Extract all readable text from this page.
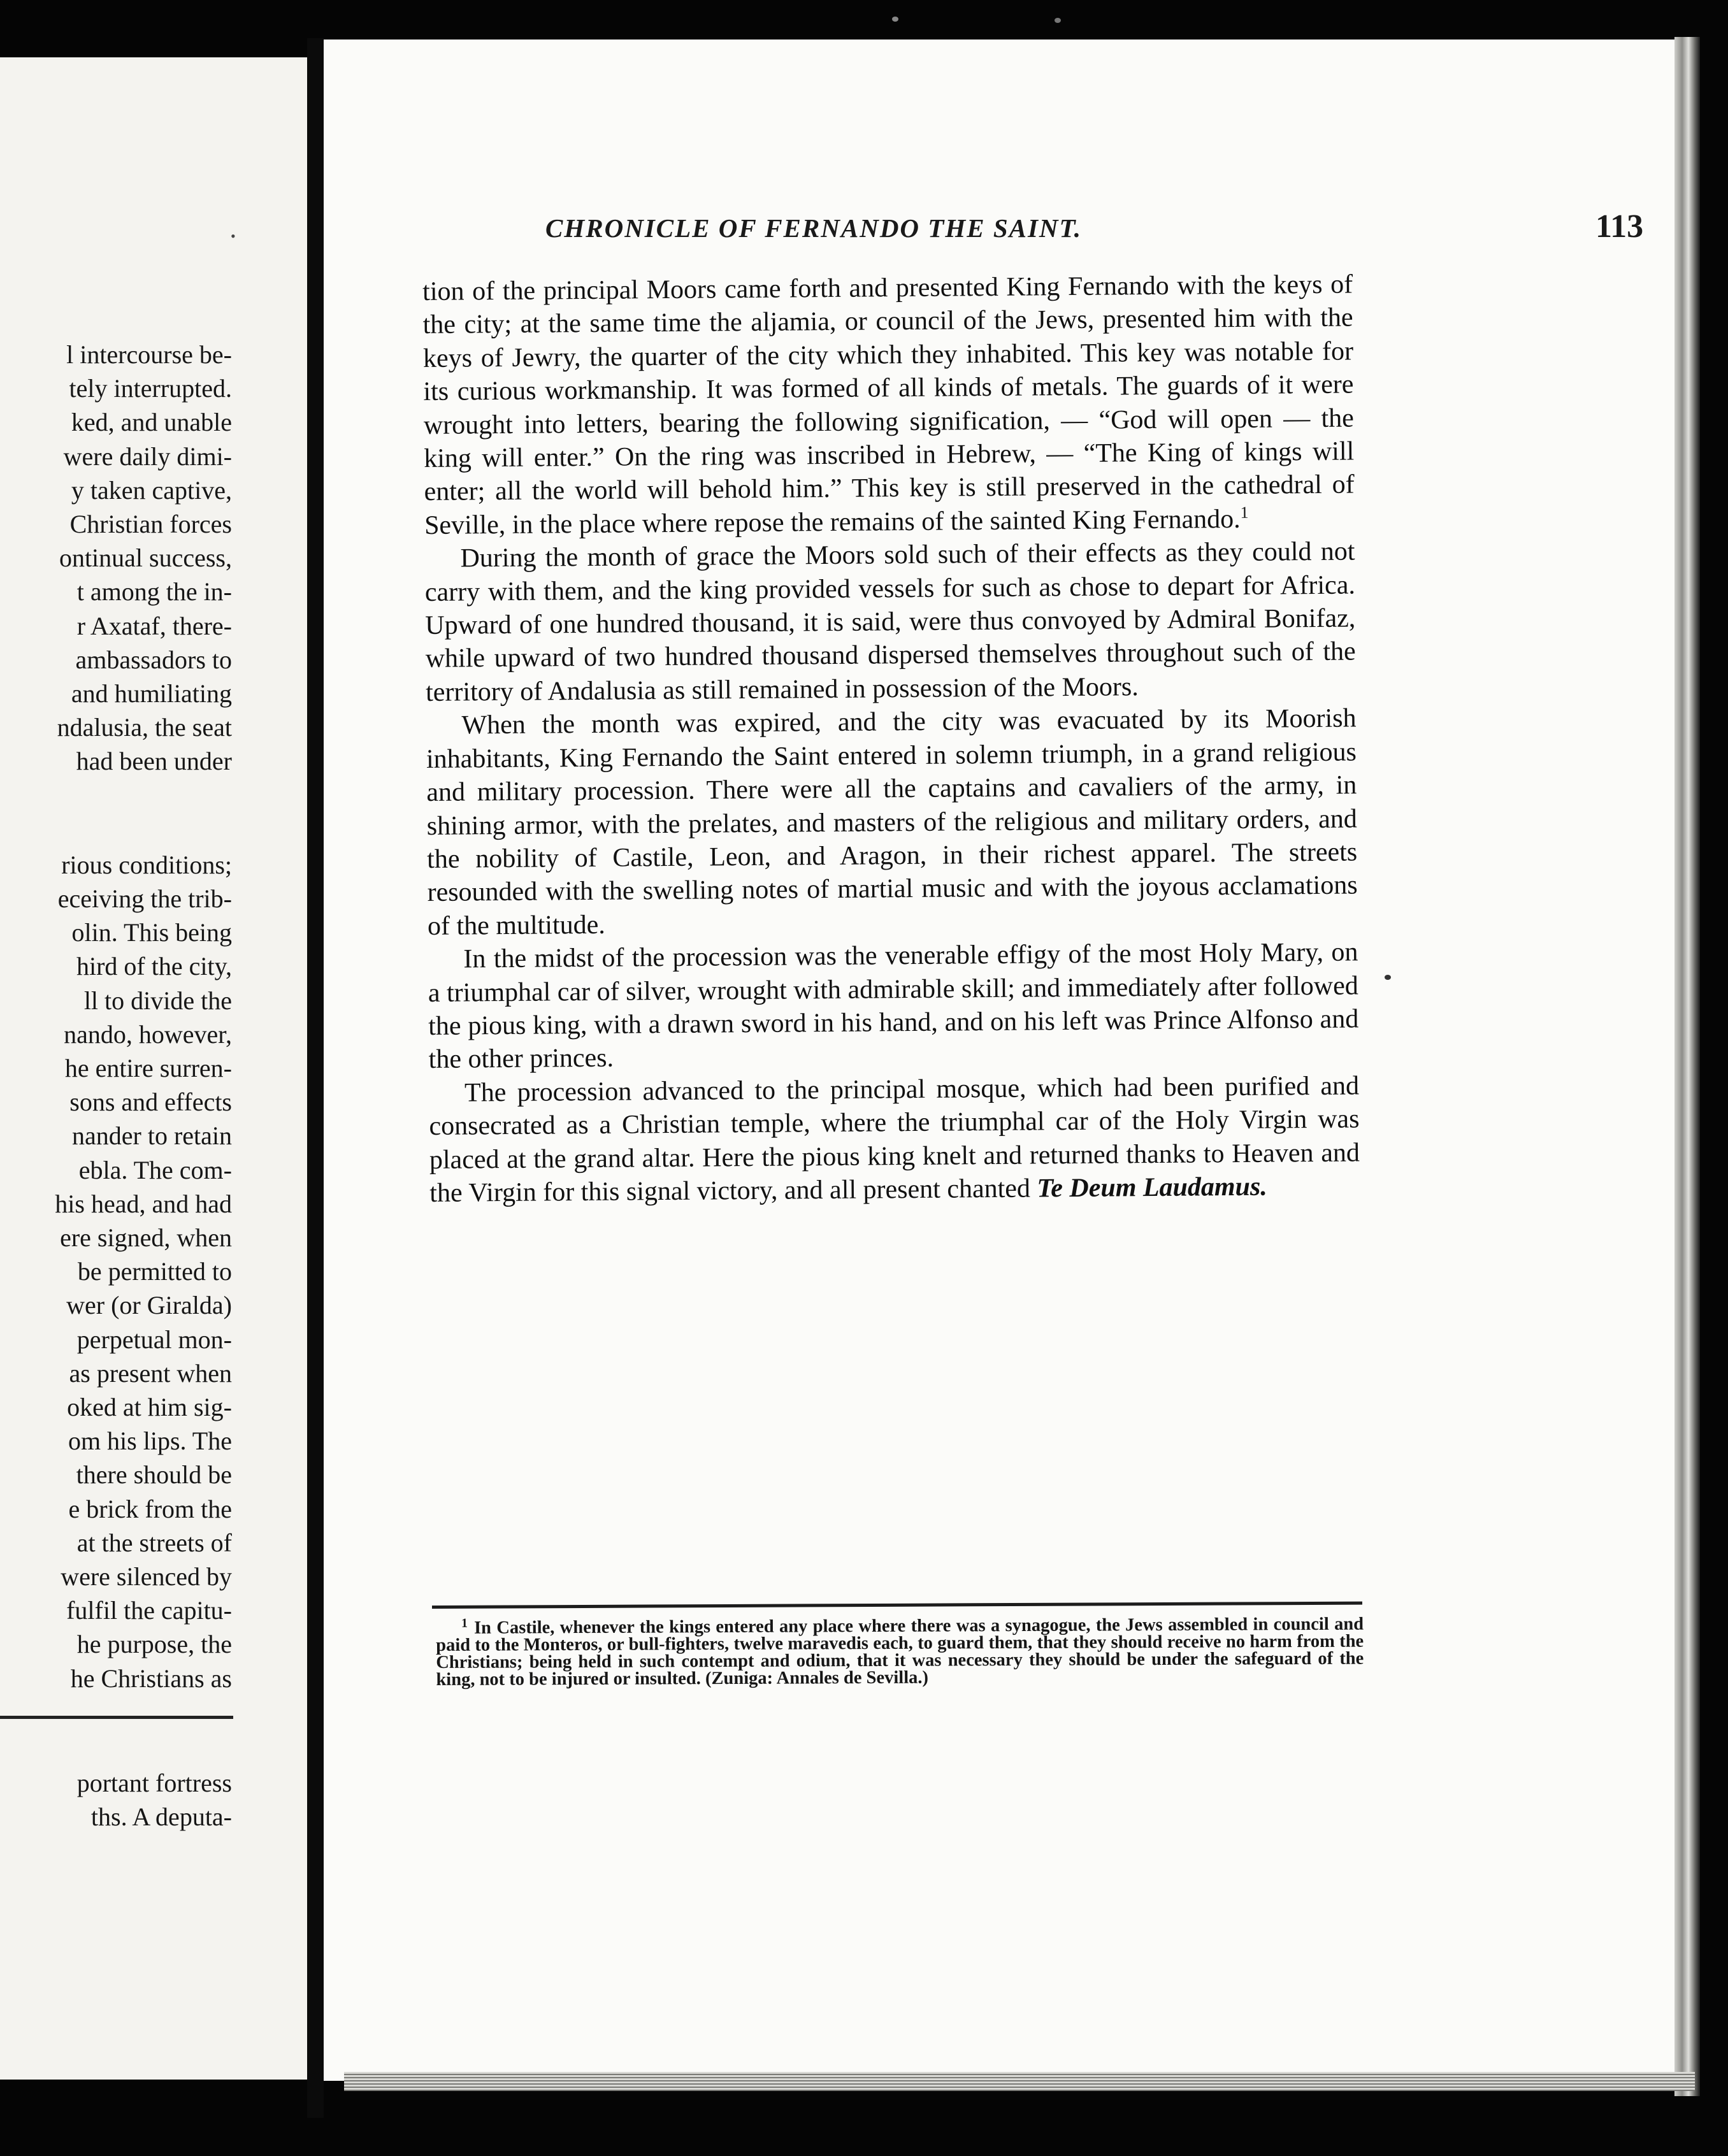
l intercourse be-
tely interrupted.
ked, and unable
were daily dimi-
y taken captive,
Christian forces
ontinual success,
t among the in-
r Axataf, there-
ambassadors to
and humiliating
ndalusia, the seat
had been under
rious conditions;
eceiving the trib-
olin. This being
hird of the city,
ll to divide the
nando, however,
he entire surren-
sons and effects
nander to retain
ebla. The com-
his head, and had
ere signed, when
be permitted to
wer (or Giralda)
perpetual mon-
as present when
oked at him sig-
om his lips. The
there should be
e brick from the
at the streets of
were silenced by
fulfil the capitu-
he purpose, the
he Christians as
portant fortress
ths. A deputa-
•	CHRONICLE OF FERNANDO THE SAINT.	113

tion of the principal Moors came forth and presented King Fernando with the keys of the city; at the same time the aljamia, or council of the Jews, presented him with the keys of Jewry, the quarter of the city which they inhabited. This key was notable for its curious workmanship. It was formed of all kinds of metals. The guards of it were wrought into letters, bearing the following signification, — “God will open — the king will enter.” On the ring was inscribed in Hebrew, — “The King of kings will enter; all the world will behold him.” This key is still preserved in the cathedral of Seville, in the place where repose the remains of the sainted King Fernando.$^1$

During the month of grace the Moors sold such of their effects as they could not carry with them, and the king provided vessels for such as chose to depart for Africa. Upward of one hundred thousand, it is said, were thus convoyed by Admiral Bonifaz, while upward of two hundred thousand dispersed themselves throughout such of the territory of Andalusia as still remained in possession of the Moors.

When the month was expired, and the city was evacuated by its Moorish inhabitants, King Fernando the Saint entered in solemn triumph, in a grand religious and military procession. There were all the captains and cavaliers of the army, in shining armor, with the prelates, and masters of the religious and military orders, and the nobility of Castile, Leon, and Aragon, in their richest apparel. The streets resounded with the swelling notes of martial music and with the joyous acclamations of the multitude.

In the midst of the procession was the venerable effigy of the most Holy Mary, on a triumphal car of silver, wrought with admirable skill; and immediately after followed the pious king, with a drawn sword in his hand, and on his left was Prince Alfonso and the other princes.

The procession advanced to the principal mosque, which had been purified and consecrated as a Christian temple, where the triumphal car of the Holy Virgin was placed at the grand altar. Here the pious king knelt and returned thanks to Heaven and the Virgin for this signal victory, and all present chanted Te Deum Laudamus.

$^1$ In Castile, whenever the kings entered any place where there was a synagogue, the Jews assembled in council and paid to the Monteros, or bull-fighters, twelve maravedis each, to guard them, that they should receive no harm from the Christians; being held in such contempt and odium, that it was necessary they should be under the safeguard of the king, not to be injured or insulted. (Zuniga: Annales de Sevilla.)
